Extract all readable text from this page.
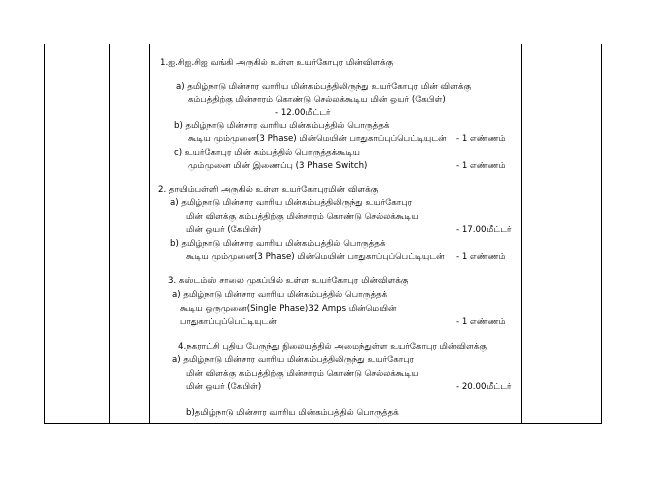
1.ஐ.சிஐ.சிஐ வங்கி அருகில் உள்ள உயர்கோபுர மின்விளக்கு
a) தமிழ்நாடு மின்சார வாரிய மின்கம்பத்திலிருந்து உயர்கோபுர மின் விளக்கு
கம்பத்திற்கு மின்சாரம் கொண்டு செல்லக்கூடிய மின் ஒயர் (கேபிள்)
- 12.00மீட்டர்
b) தமிழ்நாடு மின்சார வாரிய மின்கம்பத்தில் பொருத்தக்
கூடிய மும்முனை(3 Phase) மின்மெயின் பாதுகாப்புப்பெட்டியுடன் - 1 எண்ணம்
c) உயர்கோபுர மின் கம்பத்தில் பொருத்தக்கூடிய
மும்முனை மின் இணைப்பு (3 Phase Switch)	- 1 எண்ணம்
2. தாயிம்பள்ளி அருகில் உள்ள உயர்கோபுரமின் விளக்கு
a) தமிழ்நாடு மின்சார வாரிய மின்கம்பத்திலிருந்து உயர்கோபுர
மின் விளக்கு கம்பத்திற்கு மின்சாரம் கொண்டு செல்லக்கூடிய
மின் ஒயர் (கேபிள்)	- 17.00மீட்டர்
b) தமிழ்நாடு மின்சார வாரிய மின்கம்பத்தில் பொருத்தக்
கூடிய மும்முனை(3 Phase) மின்மெயின் பாதுகாப்புப்பெட்டியுடன் - 1 எண்ணம்
3. கஸ்டம்ஸ் சாலை முகப்பில் உள்ள உயர்கோபுர மின்விளக்கு
a) தமிழ்நாடு மின்சார வாரிய மின்கம்பத்தில் பொருத்தக்
கூடிய ஒருமுனை(Single Phase)32 Amps மின்மெயின்
பாதுகாப்புப்பெட்டியுடன்	- 1 எண்ணம்
4.நகராட்சி புதிய பேருந்து நிலையத்தில் அமைந்துள்ள உயர்கோபுர மின்விளக்கு
a) தமிழ்நாடு மின்சார வாரிய மின்கம்பத்திலிருந்து உயர்கோபுர
மின் விளக்கு கம்பத்திற்கு மின்சாரம் கொண்டு செல்லக்கூடிய
மின் ஒயர் (கேபிள்)	- 20.00மீட்டர்
b)தமிழ்நாடு மின்சார வாரிய மின்கம்பத்தில் பொருத்தக்
